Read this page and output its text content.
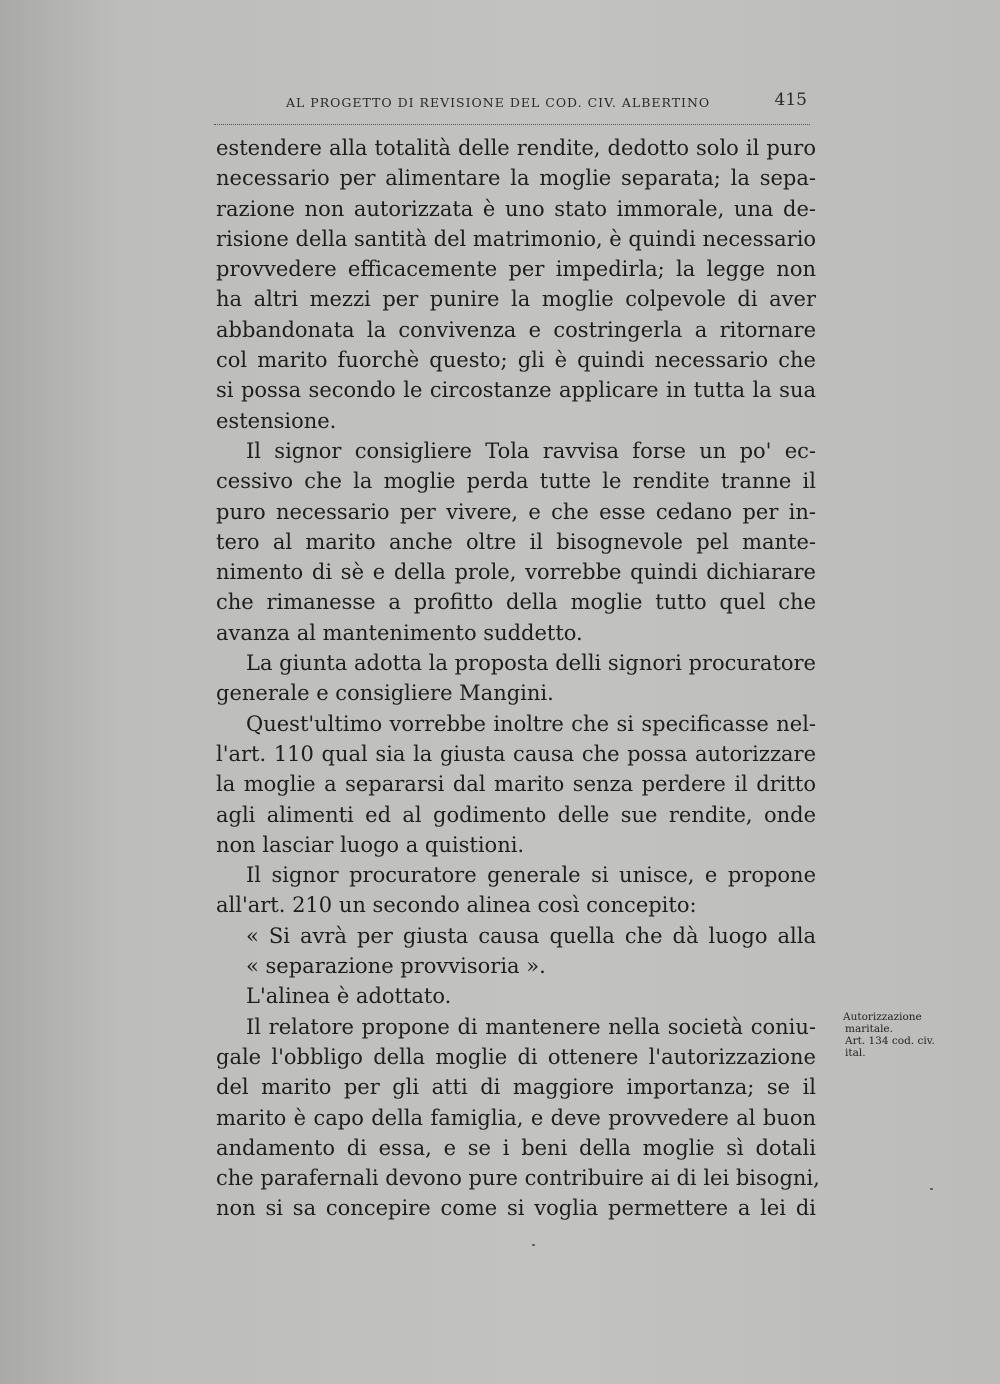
AL PROGETTO DI REVISIONE DEL COD. CIV. ALBERTINO	415
estendere alla totalità delle rendite, dedotto solo il puro
necessario per alimentare la moglie separata; la sepa-
razione non autorizzata è uno stato immorale, una de-
risione della santità del matrimonio, è quindi necessario
provvedere efficacemente per impedirla; la legge non
ha altri mezzi per punire la moglie colpevole di aver
abbandonata la convivenza e costringerla a ritornare
col marito fuorchè questo; gli è quindi necessario che
si possa secondo le circostanze applicare in tutta la sua
estensione.
Il signor consigliere Tola ravvisa forse un po' ec-
cessivo che la moglie perda tutte le rendite tranne il
puro necessario per vivere, e che esse cedano per in-
tero al marito anche oltre il bisognevole pel mante-
nimento di sè e della prole, vorrebbe quindi dichiarare
che rimanesse a profitto della moglie tutto quel che
avanza al mantenimento suddetto.
La giunta adotta la proposta delli signori procuratore
generale e consigliere Mangini.
Quest'ultimo vorrebbe inoltre che si specificasse nel-
l'art. 110 qual sia la giusta causa che possa autorizzare
la moglie a separarsi dal marito senza perdere il dritto
agli alimenti ed al godimento delle sue rendite, onde
non lasciar luogo a quistioni.
Il signor procuratore generale si unisce, e propone
all'art. 210 un secondo alinea così concepito:
« Si avrà per giusta causa quella che dà luogo alla
« separazione provvisoria ».
L'alinea è adottato.
Il relatore propone di mantenere nella società coniu-
gale l'obbligo della moglie di ottenere l'autorizzazione
del marito per gli atti di maggiore importanza; se il
marito è capo della famiglia, e deve provvedere al buon
andamento di essa, e se i beni della moglie sì dotali
che parafernali devono pure contribuire ai di lei bisogni,
non si sa concepire come si voglia permettere a lei di
Autorizzazione
maritale.
Art. 134 cod. civ.
ital.
